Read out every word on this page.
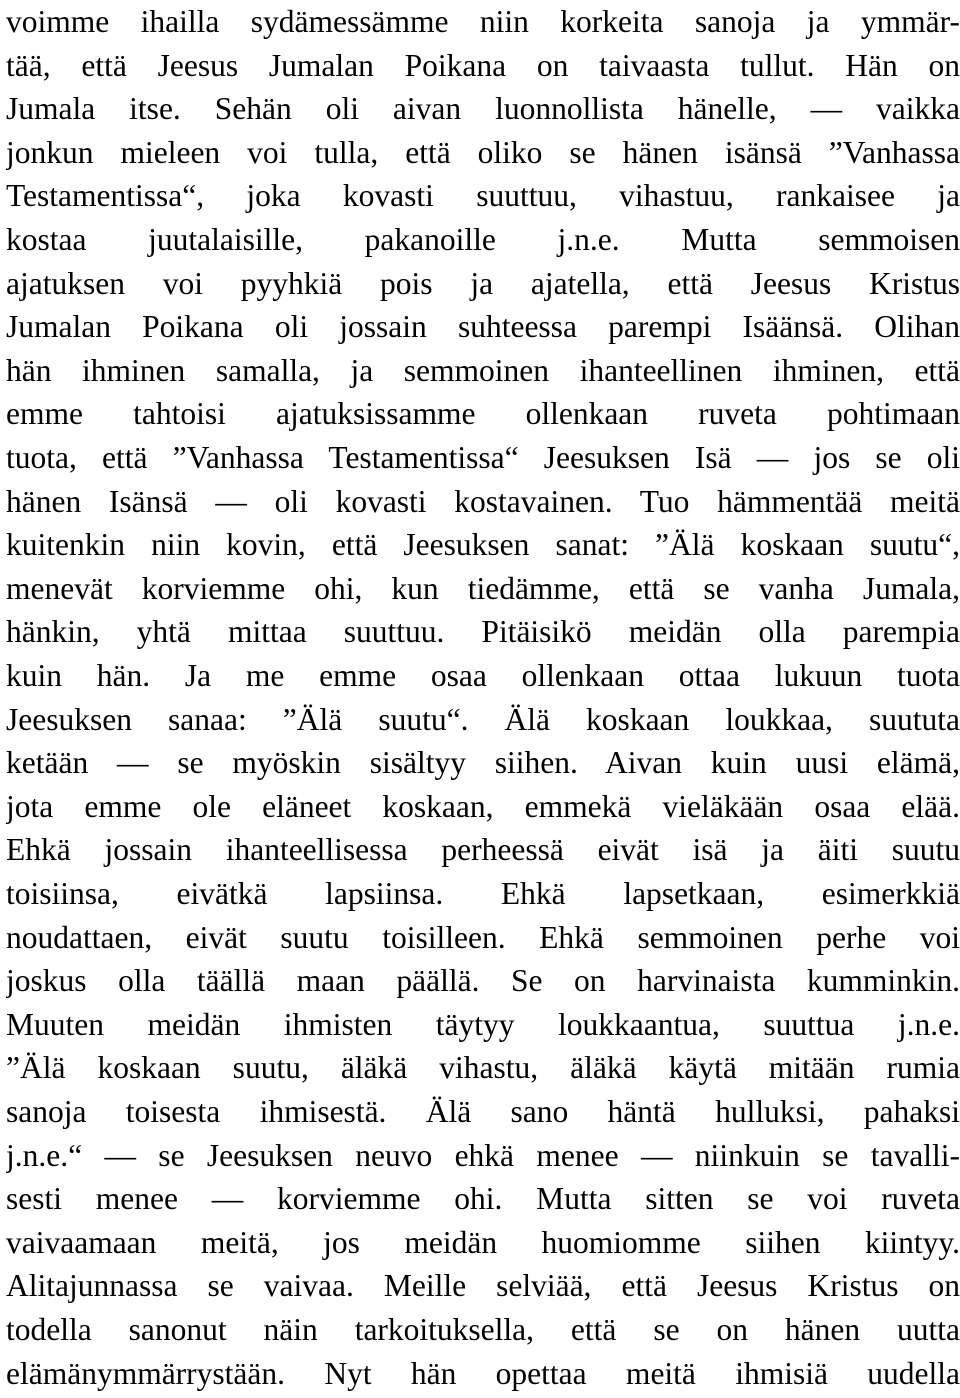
voimme ihailla sydämessämme niin korkeita sanoja ja ymmär-
tää, että Jeesus Jumalan Poikana on taivaasta tullut. Hän on
Jumala itse. Sehän oli aivan luonnollista hänelle, — vaikka
jonkun mieleen voi tulla, että oliko se hänen isänsä ”Vanhassa
Testamentissa“, joka kovasti suuttuu, vihastuu, rankaisee ja
kostaa juutalaisille, pakanoille j.n.e. Mutta semmoisen
ajatuksen voi pyyhkiä pois ja ajatella, että Jeesus Kristus
Jumalan Poikana oli jossain suhteessa parempi Isäänsä. Olihan
hän ihminen samalla, ja semmoinen ihanteellinen ihminen, että
emme tahtoisi ajatuksissamme ollenkaan ruveta pohtimaan
tuota, että ”Vanhassa Testamentissa“ Jeesuksen Isä — jos se oli
hänen Isänsä — oli kovasti kostavainen. Tuo hämmentää meitä
kuitenkin niin kovin, että Jeesuksen sanat: ”Älä koskaan suutu“,
menevät korviemme ohi, kun tiedämme, että se vanha Jumala,
hänkin, yhtä mittaa suuttuu. Pitäisikö meidän olla parempia
kuin hän. Ja me emme osaa ollenkaan ottaa lukuun tuota
Jeesuksen sanaa: ”Älä suutu“. Älä koskaan loukkaa, suututa
ketään — se myöskin sisältyy siihen. Aivan kuin uusi elämä,
jota emme ole eläneet koskaan, emmekä vieläkään osaa elää.
Ehkä jossain ihanteellisessa perheessä eivät isä ja äiti suutu
toisiinsa, eivätkä lapsiinsa. Ehkä lapsetkaan, esimerkkiä
noudattaen, eivät suutu toisilleen. Ehkä semmoinen perhe voi
joskus olla täällä maan päällä. Se on harvinaista kumminkin.
Muuten meidän ihmisten täytyy loukkaantua, suuttua j.n.e.
”Älä koskaan suutu, äläkä vihastu, äläkä käytä mitään rumia
sanoja toisesta ihmisestä. Älä sano häntä hulluksi, pahaksi
j.n.e.“ — se Jeesuksen neuvo ehkä menee — niinkuin se tavalli-
sesti menee — korviemme ohi. Mutta sitten se voi ruveta
vaivaamaan meitä, jos meidän huomiomme siihen kiintyy.
Alitajunnassa se vaivaa. Meille selviää, että Jeesus Kristus on
todella sanonut näin tarkoituksella, että se on hänen uutta
elämänymmärrystään. Nyt hän opettaa meitä ihmisiä uudella
